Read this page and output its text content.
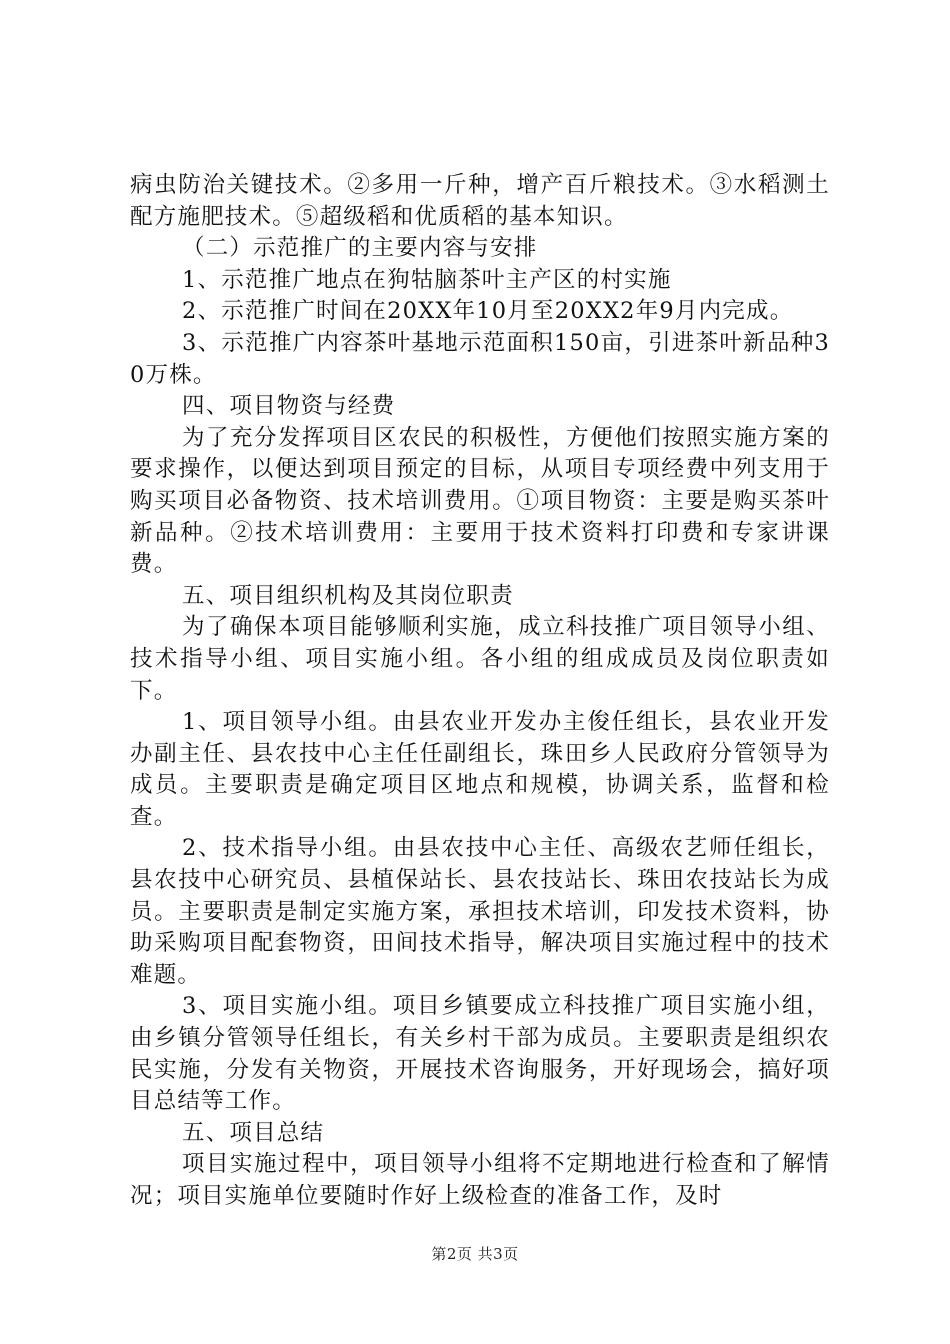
病虫防治关键技术。②多用一斤种，增产百斤粮技术。③水稻测土配方施肥技术。⑤超级稻和优质稻的基本知识。

（二）示范推广的主要内容与安排

1、示范推广地点在狗牯脑茶叶主产区的村实施

2、示范推广时间在20XX年10月至20XX2年9月内完成。

3、示范推广内容茶叶基地示范面积150亩，引进茶叶新品种30万株。

四、项目物资与经费

为了充分发挥项目区农民的积极性，方便他们按照实施方案的要求操作，以便达到项目预定的目标，从项目专项经费中列支用于购买项目必备物资、技术培训费用。①项目物资：主要是购买茶叶新品种。②技术培训费用：主要用于技术资料打印费和专家讲课费。

五、项目组织机构及其岗位职责

为了确保本项目能够顺利实施，成立科技推广项目领导小组、技术指导小组、项目实施小组。各小组的组成成员及岗位职责如下。

1、项目领导小组。由县农业开发办主俊任组长，县农业开发办副主任、县农技中心主任任副组长，珠田乡人民政府分管领导为成员。主要职责是确定项目区地点和规模，协调关系，监督和检查。

2、技术指导小组。由县农技中心主任、高级农艺师任组长，县农技中心研究员、县植保站长、县农技站长、珠田农技站长为成员。主要职责是制定实施方案，承担技术培训，印发技术资料，协助采购项目配套物资，田间技术指导，解决项目实施过程中的技术难题。

3、项目实施小组。项目乡镇要成立科技推广项目实施小组，由乡镇分管领导任组长，有关乡村干部为成员。主要职责是组织农民实施，分发有关物资，开展技术咨询服务，开好现场会，搞好项目总结等工作。

五、项目总结

项目实施过程中，项目领导小组将不定期地进行检查和了解情况；项目实施单位要随时作好上级检查的准备工作，及时

第2页 共3页
